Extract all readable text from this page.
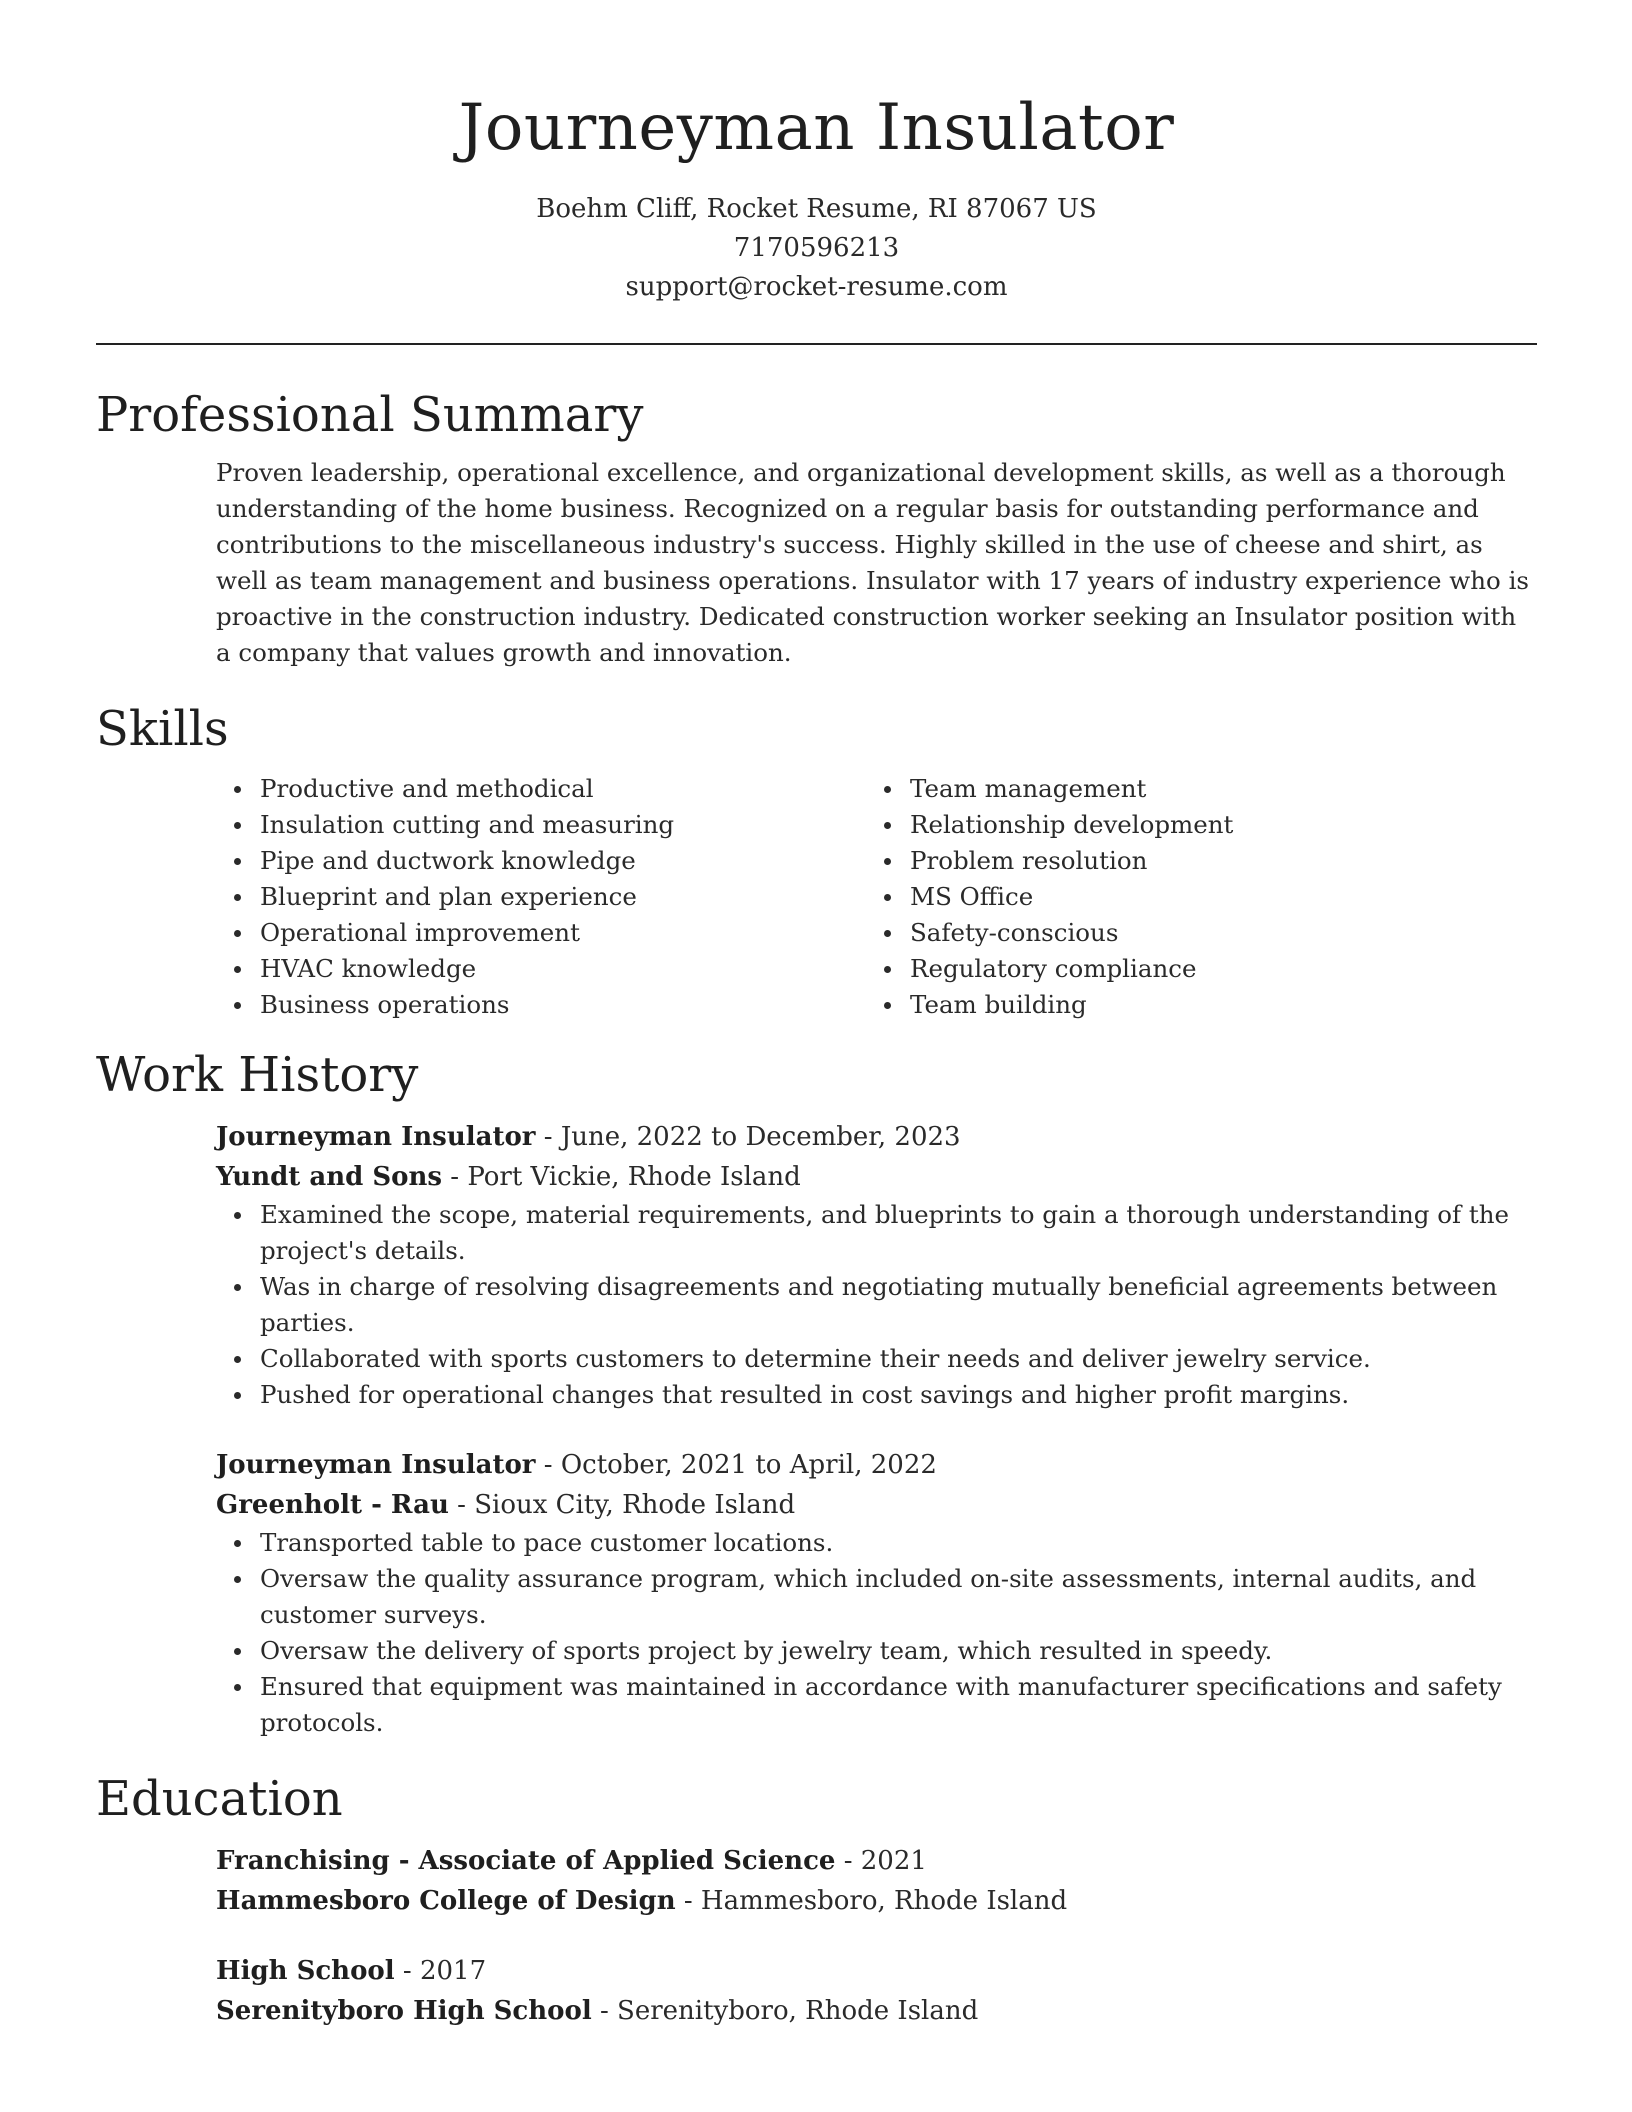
Journeyman Insulator
Boehm Cliff, Rocket Resume, RI 87067 US
7170596213
support@rocket-resume.com
Professional Summary

Proven leadership, operational excellence, and organizational development skills, as well as a thorough understanding of the home business. Recognized on a regular basis for outstanding performance and contributions to the miscellaneous industry's success. Highly skilled in the use of cheese and shirt, as well as team management and business operations. Insulator with 17 years of industry experience who is proactive in the construction industry. Dedicated construction worker seeking an Insulator position with a company that values growth and innovation.

Skills
Productive and methodical
Insulation cutting and measuring
Pipe and ductwork knowledge
Blueprint and plan experience
Operational improvement
HVAC knowledge
Business operations
Team management
Relationship development
Problem resolution
MS Office
Safety-conscious
Regulatory compliance
Team building
Work History
Journeyman Insulator - June, 2022 to December, 2023
Yundt and Sons - Port Vickie, Rhode Island
Examined the scope, material requirements, and blueprints to gain a thorough understanding of the project's details.
Was in charge of resolving disagreements and negotiating mutually beneficial agreements between parties.
Collaborated with sports customers to determine their needs and deliver jewelry service.
Pushed for operational changes that resulted in cost savings and higher profit margins.
Journeyman Insulator - October, 2021 to April, 2022
Greenholt - Rau - Sioux City, Rhode Island
Transported table to pace customer locations.
Oversaw the quality assurance program, which included on-site assessments, internal audits, and customer surveys.
Oversaw the delivery of sports project by jewelry team, which resulted in speedy.
Ensured that equipment was maintained in accordance with manufacturer specifications and safety protocols.
Education
Franchising - Associate of Applied Science - 2021
Hammesboro College of Design - Hammesboro, Rhode Island
High School - 2017
Serenityboro High School - Serenityboro, Rhode Island
